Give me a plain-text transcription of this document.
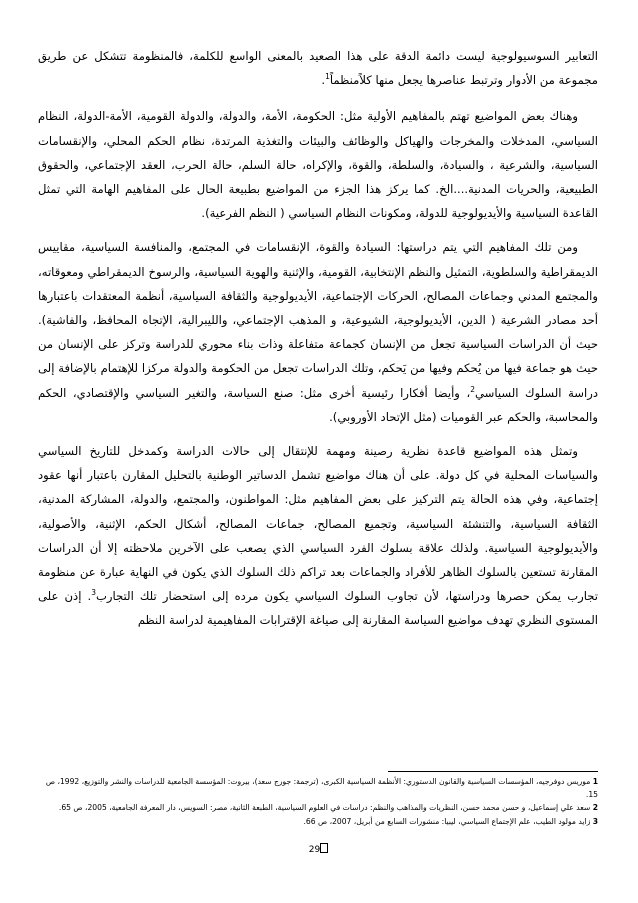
التعابير السوسيولوجية ليست دائمة الدقة على هذا الصعيد بالمعنى الواسع للكلمة، فالمنظومة تتشكل عن طريق مجموعة من الأدوار وترتبط عناصرها يجعل منها كلاًمنظماً$^1$.

وهناك بعض المواضيع تهتم بالمفاهيم الأولية مثل: الحكومة، الأمة، والدولة، والدولة القومية، الأمة-الدولة، النظام السياسي، المدخلات والمخرجات والهياكل والوظائف والبيئات والتغذية المرتدة، نظام الحكم المحلي، والإنقسامات السياسية، والشرعية ، والسيادة، والسلطة، والقوة، والإكراه، حالة السلم، حالة الحرب، العقد الإجتماعي، والحقوق الطبيعية، والحريات المدنية....الخ. كما يركز هذا الجزء من المواضيع بطبيعة الحال على المفاهيم الهامة التي تمثل القاعدة السياسية والأيديولوجية للدولة، ومكونات النظام السياسي ( النظم الفرعية).

ومن تلك المفاهيم التي يتم دراستها: السيادة والقوة، الإنقسامات في المجتمع، والمنافسة السياسية، مقاييس الديمقراطية والسلطوية، التمثيل والنظم الإنتخابية، القومية، والإثنية والهوية السياسية، والرسوخ الديمقراطي ومعوقاته، والمجتمع المدني وجماعات المصالح، الحركات الإجتماعية، الأيديولوجية والثقافة السياسية، أنظمة المعتقدات باعتبارها أحد مصادر الشرعية ( الدين، الأيديولوجية، الشيوعية، و المذهب الإجتماعي، والليبرالية، الإتجاه المحافظ، والفاشية). حيث أن الدراسات السياسية تجعل من الإنسان كجماعة متفاعلة وذات بناء محوري للدراسة وتركز على الإنسان من حيث هو جماعة فيها من يُحكم وفيها من يَحكم، وتلك الدراسات تجعل من الحكومة والدولة مركزا للإهتمام بالإضافة إلى دراسة السلوك السياسي$^2$، وأيضا أفكارا رئيسية أخرى مثل: صنع السياسة، والتغير السياسي والإقتصادي، الحكم والمحاسبة، والحكم عبر القوميات (مثل الإتحاد الأوروبي).

وتمثل هذه المواضيع قاعدة نظرية رصينة ومهمة للإنتقال إلى حالات الدراسة وكمدخل للتاريخ السياسي والسياسات المحلية في كل دولة. على أن هناك مواضيع تشمل الدساتير الوطنية بالتحليل المقارن باعتبار أنها عقود إجتماعية، وفي هذه الحالة يتم التركيز على بعض المفاهيم مثل: المواطنون، والمجتمع، والدولة، المشاركة المدنية، الثقافة السياسية، والتنشئة السياسية، وتجميع المصالح، جماعات المصالح، أشكال الحكم، الإثنية، والأصولية، والأيديولوجية السياسية. ولذلك علاقة بسلوك الفرد السياسي الذي يصعب على الآخرين ملاحظته إلا أن الدراسات المقارنة تستعين بالسلوك الظاهر للأفراد والجماعات بعد تراكم ذلك السلوك الذي يكون في النهاية عبارة عن منظومة تجارب يمكن حصرها ودراستها، لأن تجاوب السلوك السياسي يكون مرده إلى استحضار تلك التجارب$^3$. إذن على المستوى النظري تهدف مواضيع السياسة المقارنة إلى صياغة الإقترابات المفاهيمية لدراسة النظم

1 موريس دوفرجيه، المؤسسات السياسية والقانون الدستوري: الأنظمة السياسية الكبرى، (ترجمة: جورج سعد)، بيروت: المؤسسة الجامعية للدراسات والنشر والتوزيع، 1992، ص 15.

2 سعد علي إسماعيل، و حسن محمد حسن، النظريات والمذاهب والنظم: دراسات في العلوم السياسية، الطبعة الثانية، مصر: السويس، دار المعرفة الجامعية، 2005، ص 65.

3 زايد مولود الطيب، علم الإجتماع السياسي، ليبيا: منشورات السابع من أبريل، 2007، ص 66.

29
